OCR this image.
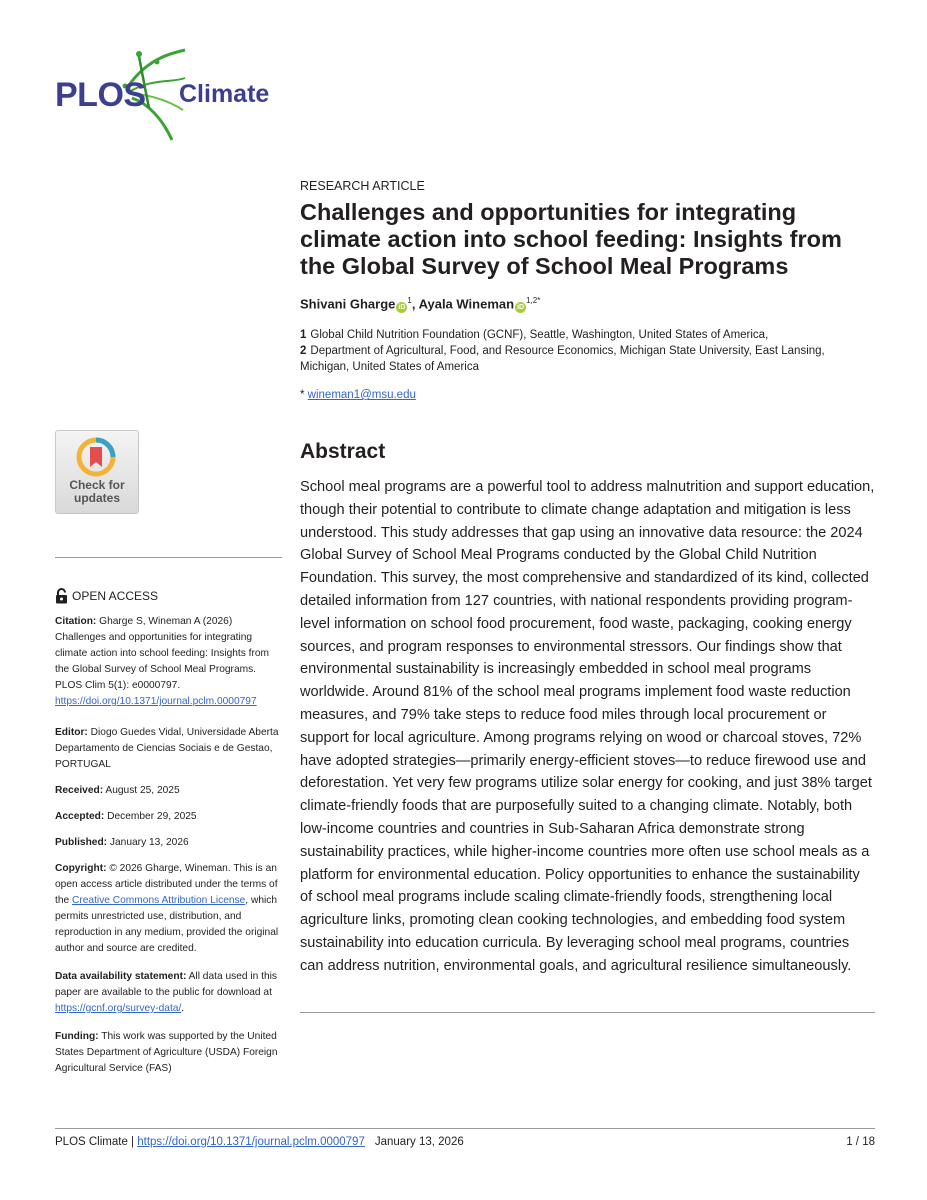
PLOS Climate
RESEARCH ARTICLE
Challenges and opportunities for integrating climate action into school feeding: Insights from the Global Survey of School Meal Programs
Shivani Gharge $iD^1$, Ayala Wineman $iD^{1,2*}$
1 Global Child Nutrition Foundation (GCNF), Seattle, Washington, United States of America,
2 Department of Agricultural, Food, and Resource Economics, Michigan State University, East Lansing, Michigan, United States of America
* wineman1@msu.edu
Abstract

School meal programs are a powerful tool to address malnutrition and support education, though their potential to contribute to climate change adaptation and mitigation is less understood. This study addresses that gap using an innovative data resource: the 2024 Global Survey of School Meal Programs conducted by the Global Child Nutrition Foundation. This survey, the most comprehensive and standardized of its kind, collected detailed information from 127 countries, with national respondents providing program-level information on school food procurement, food waste, packaging, cooking energy sources, and program responses to environmental stressors. Our findings show that environmental sustainability is increasingly embedded in school meal programs worldwide. Around 81% of the school meal programs implement food waste reduction measures, and 79% take steps to reduce food miles through local procurement or support for local agriculture. Among programs relying on wood or charcoal stoves, 72% have adopted strategies—primarily energy-efficient stoves—to reduce firewood use and deforestation. Yet very few programs utilize solar energy for cooking, and just 38% target climate-friendly foods that are purposefully suited to a changing climate. Notably, both low-income countries and countries in Sub-Saharan Africa demonstrate strong sustainability practices, while higher-income countries more often use school meals as a platform for environmental education. Policy opportunities to enhance the sustainability of school meal programs include scaling climate-friendly foods, strengthening local agriculture links, promoting clean cooking technologies, and embedding food system sustainability into education curricula. By leveraging school meal programs, countries can address nutrition, environmental goals, and agricultural resilience simultaneously.

Check for
updates
OPEN ACCESS

Citation: Gharge S, Wineman A (2026) Challenges and opportunities for integrating climate action into school feeding: Insights from the Global Survey of School Meal Programs. PLOS Clim 5(1): e0000797. https://doi.org/10.1371/journal.pclm.0000797

Editor: Diogo Guedes Vidal, Universidade Aberta Departamento de Ciencias Sociais e de Gestao, PORTUGAL

Received: August 25, 2025

Accepted: December 29, 2025

Published: January 13, 2026

Copyright: © 2026 Gharge, Wineman. This is an open access article distributed under the terms of the Creative Commons Attribution License, which permits unrestricted use, distribution, and reproduction in any medium, provided the original author and source are credited.

Data availability statement: All data used in this paper are available to the public for download at https://gcnf.org/survey-data/.

Funding: This work was supported by the United States Department of Agriculture (USDA) Foreign Agricultural Service (FAS)

PLOS Climate | https://doi.org/10.1371/journal.pclm.0000797 January 13, 2026	1 / 18
